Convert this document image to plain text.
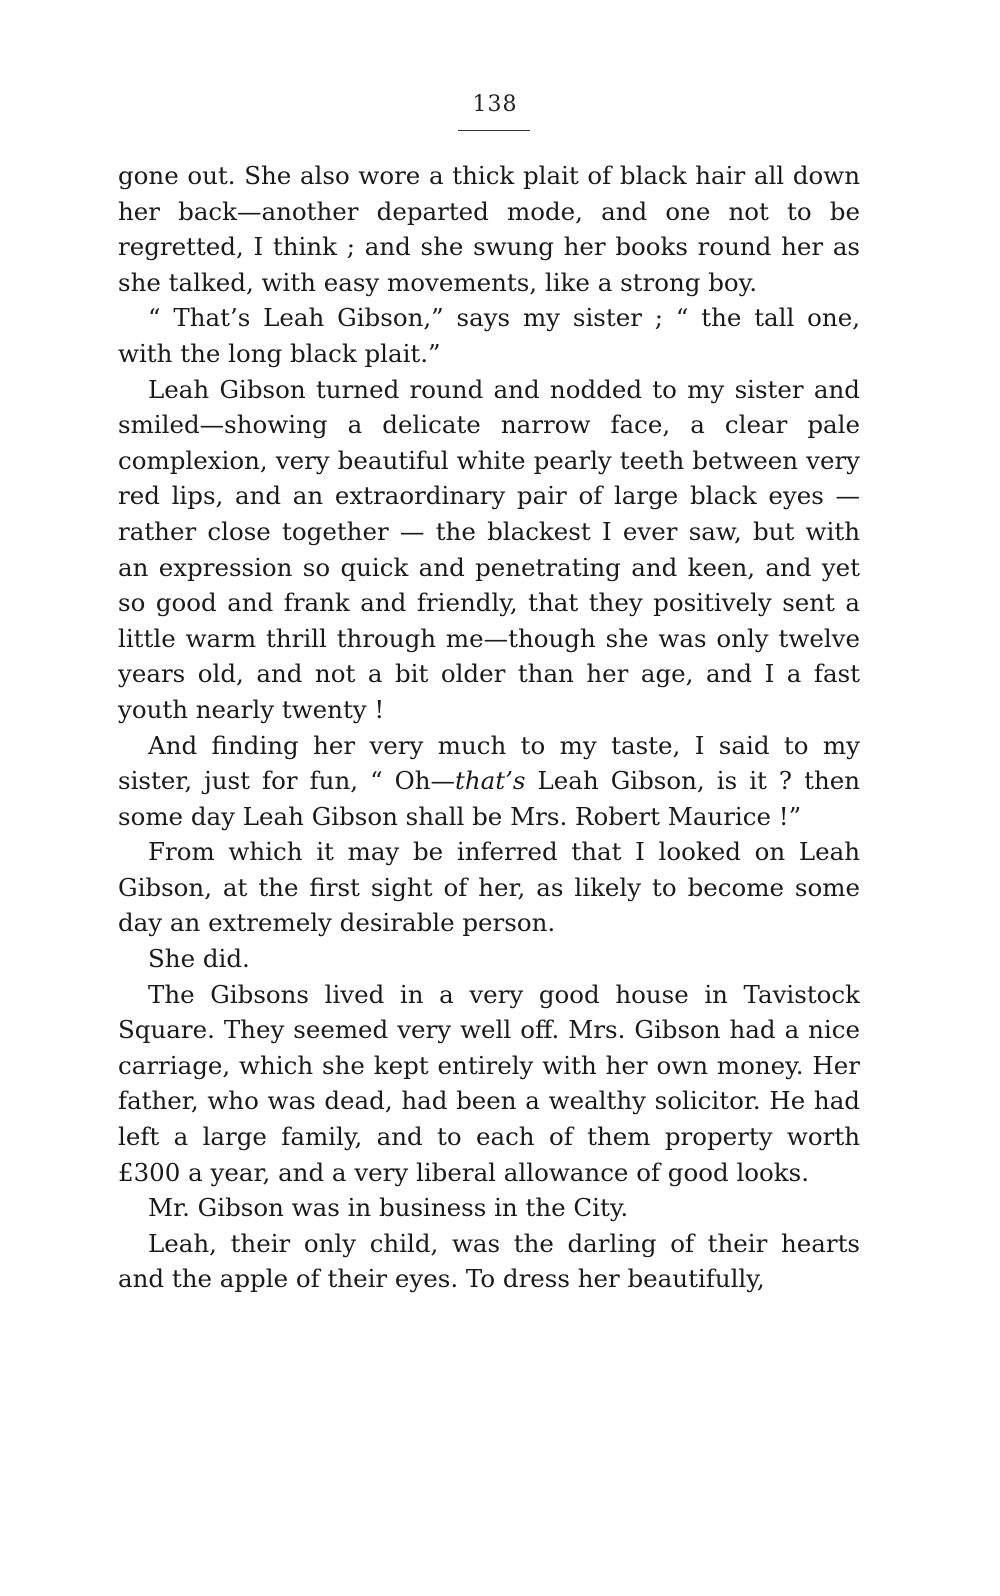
138

gone out. She also wore a thick plait of black hair all down her back—another departed mode, and one not to be regretted, I think ; and she swung her books round her as she talked, with easy movements, like a strong boy.

“ That’s Leah Gibson,” says my sister ; “ the tall one, with the long black plait.”

Leah Gibson turned round and nodded to my sister and smiled—showing a delicate narrow face, a clear pale complexion, very beautiful white pearly teeth between very red lips, and an extraordinary pair of large black eyes — rather close together — the blackest I ever saw, but with an expression so quick and penetrating and keen, and yet so good and frank and friendly, that they positively sent a little warm thrill through me—though she was only twelve years old, and not a bit older than her age, and I a fast youth nearly twenty !

And finding her very much to my taste, I said to my sister, just for fun, “ Oh—that’s Leah Gibson, is it ? then some day Leah Gibson shall be Mrs. Robert Maurice !”

From which it may be inferred that I looked on Leah Gibson, at the first sight of her, as likely to become some day an extremely desirable person.

She did.

The Gibsons lived in a very good house in Tavistock Square. They seemed very well off. Mrs. Gibson had a nice carriage, which she kept entirely with her own money. Her father, who was dead, had been a wealthy solicitor. He had left a large family, and to each of them property worth £300 a year, and a very liberal allowance of good looks.

Mr. Gibson was in business in the City.

Leah, their only child, was the darling of their hearts and the apple of their eyes. To dress her beautifully,
